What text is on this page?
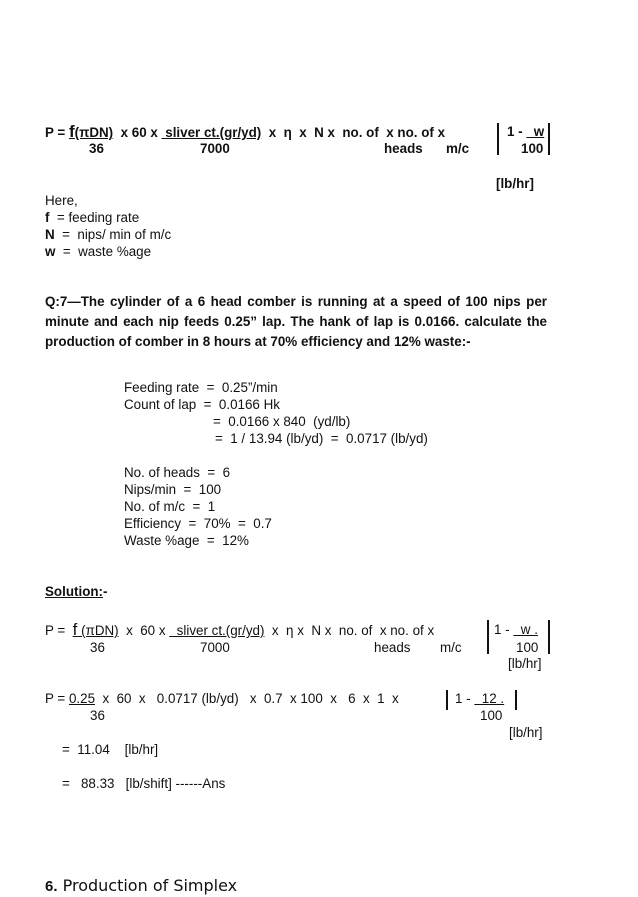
P = f(πDN)  x 60 x  sliver ct.(gr/yd)  x  η  x  N x  no. of  x no. of x	1 -   w
36	7000	heads m/c	100
[lb/hr]
Here,
f  = feeding rate
N  =  nips/ min of m/c
w  =  waste %age
Q:7—The cylinder of a 6 head comber is running at a speed of 100 nips per minute and each nip feeds 0.25” lap. The hank of lap is 0.0166. calculate the production of comber in 8 hours at 70% efficiency and 12% waste:-
Feeding rate  =  0.25”/min
Count of lap  =  0.0166 Hk
=  0.0166 x 840  (yd/lb)
=  1 / 13.94 (lb/yd)  =  0.0717 (lb/yd)
No. of heads  =  6
Nips/min  =  100
No. of m/c  =  1
Efficiency  =  70%  =  0.7
Waste %age  =  12%
Solution:-
P =  f (πDN)  x  60 x   sliver ct.(gr/yd)  x  η x  N x  no. of  x no. of x	1 -   w .
36	7000	heads m/c	100
[lb/hr]
P = 0.25  x  60  x   0.0717 (lb/yd)   x  0.7  x 100  x   6  x  1  x	1 -   12 .
36	100
[lb/hr]
=  11.04    [lb/hr]
=   88.33   [lb/shift] ------Ans
6. Production of Simplex
